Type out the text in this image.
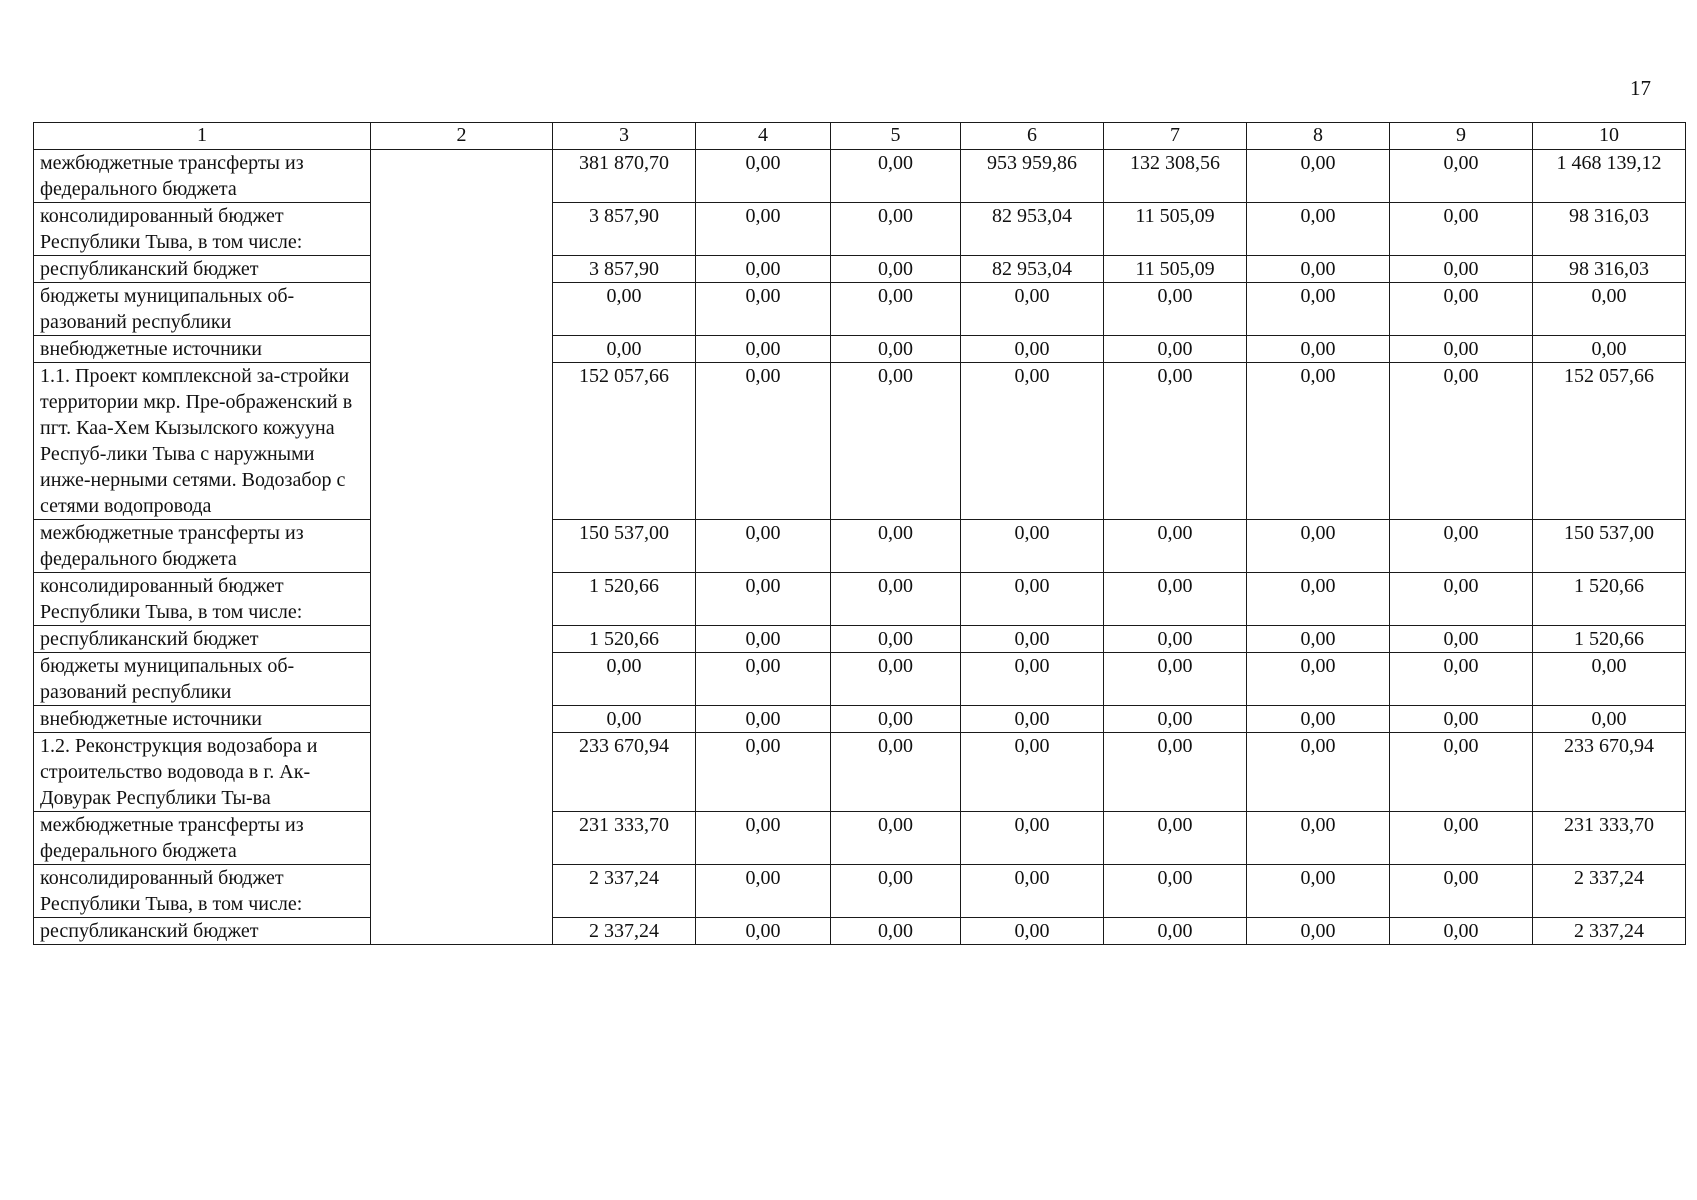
17
1	2	3	4	5	6	7	8	9	10
межбюджетные трансферты из федерального бюджета		381 870,70	0,00	0,00	953 959,86	132 308,56	0,00	0,00	1 468 139,12
консолидированный бюджет Республики Тыва, в том числе:		3 857,90	0,00	0,00	82 953,04	11 505,09	0,00	0,00	98 316,03
республиканский бюджет		3 857,90	0,00	0,00	82 953,04	11 505,09	0,00	0,00	98 316,03
бюджеты муниципальных об-разований республики		0,00	0,00	0,00	0,00	0,00	0,00	0,00	0,00
внебюджетные источники		0,00	0,00	0,00	0,00	0,00	0,00	0,00	0,00
1.1. Проект комплексной за-стройки территории мкр. Пре-ображенский в пгт. Каа-Хем Кызылского кожууна Респуб-лики Тыва с наружными инже-нерными сетями. Водозабор с сетями водопровода		152 057,66	0,00	0,00	0,00	0,00	0,00	0,00	152 057,66
межбюджетные трансферты из федерального бюджета		150 537,00	0,00	0,00	0,00	0,00	0,00	0,00	150 537,00
консолидированный бюджет Республики Тыва, в том числе:		1 520,66	0,00	0,00	0,00	0,00	0,00	0,00	1 520,66
республиканский бюджет		1 520,66	0,00	0,00	0,00	0,00	0,00	0,00	1 520,66
бюджеты муниципальных об-разований республики		0,00	0,00	0,00	0,00	0,00	0,00	0,00	0,00
внебюджетные источники		0,00	0,00	0,00	0,00	0,00	0,00	0,00	0,00
1.2. Реконструкция водозабора и строительство водовода в г. Ак-Довурак Республики Ты-ва		233 670,94	0,00	0,00	0,00	0,00	0,00	0,00	233 670,94
межбюджетные трансферты из федерального бюджета		231 333,70	0,00	0,00	0,00	0,00	0,00	0,00	231 333,70
консолидированный бюджет Республики Тыва, в том числе:		2 337,24	0,00	0,00	0,00	0,00	0,00	0,00	2 337,24
республиканский бюджет		2 337,24	0,00	0,00	0,00	0,00	0,00	0,00	2 337,24
